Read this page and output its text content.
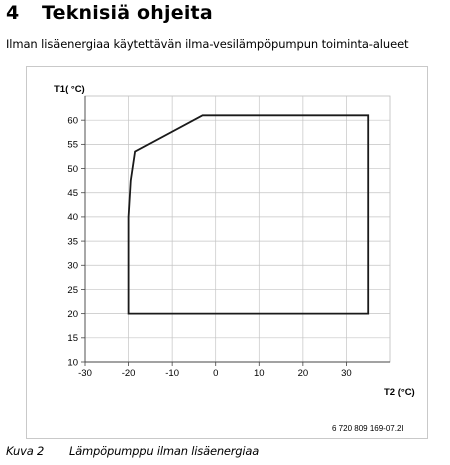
4 Teknisiä ohjeita
Ilman lisäenergiaa käytettävän ilma-vesilämpöpumpun toiminta-alueet
10
15
20
25
30
35
40
45
50
55
60
-30	-20	-10	0	10	20	30
T1( °C)
T2 (°C)
6 720 809 169-07.2I
Kuva 2 Lämpöpumppu ilman lisäenergiaa
